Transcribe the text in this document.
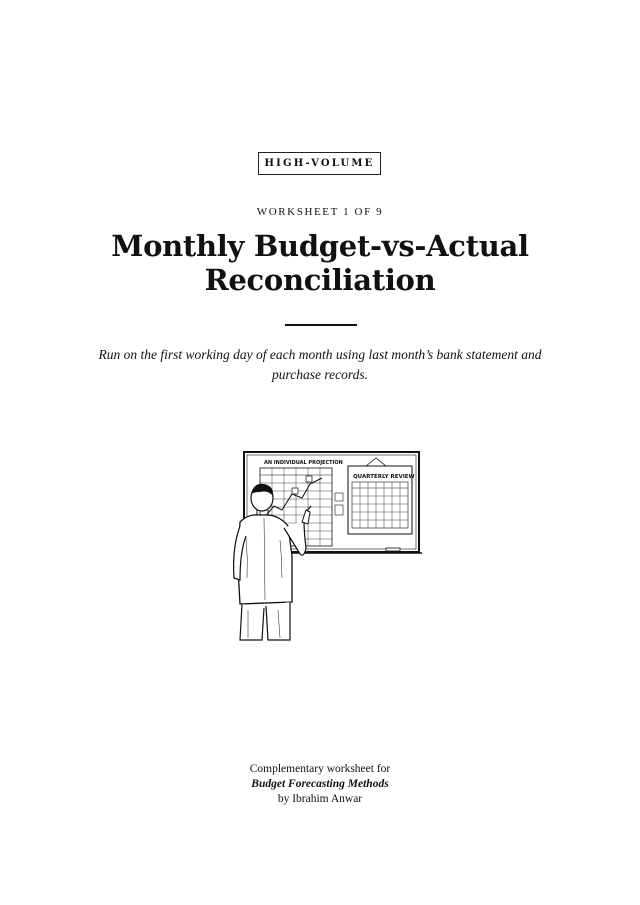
HIGH-VOLUME
WORKSHEET 1 OF 9
Monthly Budget-vs-Actual Reconciliation

Run on the first working day of each month using last month’s bank statement and purchase records.

AN INDIVIDUAL PROJECTION
QUARTERLY REVIEW
Complementary worksheet for
Budget Forecasting Methods
by Ibrahim Anwar
